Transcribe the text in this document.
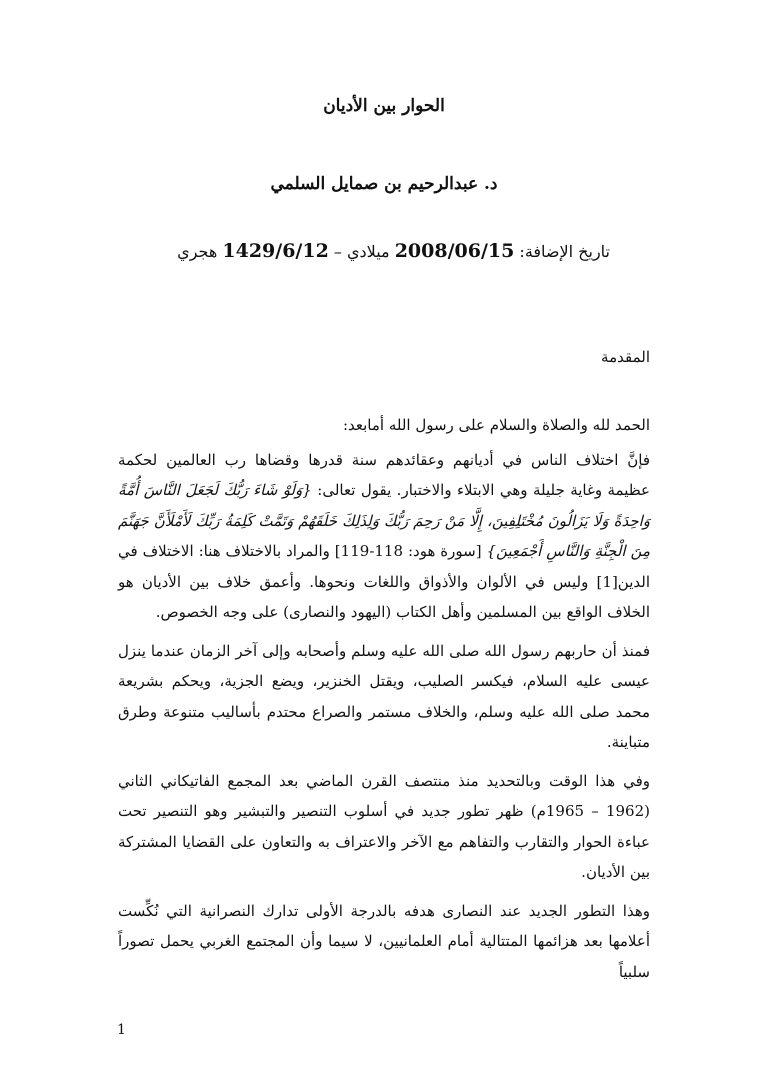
الحوار بين الأديان
د. عبدالرحيم بن صمايل السلمي
تاريخ الإضافة: 2008/06/15 ميلادي – 1429/6/12 هجري
المقدمة

الحمد لله والصلاة والسلام على رسول الله أمابعد:

فإنَّ اختلاف الناس في أديانهم وعقائدهم سنة قدرها وقضاها رب العالمين لحكمة عظيمة وغاية جليلة وهي الابتلاء والاختبار. يقول تعالى: {وَلَوْ شَاءَ رَبُّكَ لَجَعَلَ النَّاسَ أُمَّةً وَاحِدَةً وَلَا يَزَالُونَ مُخْتَلِفِينَ، إِلَّا مَنْ رَحِمَ رَبُّكَ وَلِذَلِكَ خَلَقَهُمْ وَتَمَّتْ كَلِمَةُ رَبِّكَ لَأَمْلَأَنَّ جَهَنَّمَ مِنَ الْجِنَّةِ وَالنَّاسِ أَجْمَعِينَ} [سورة هود: 118-119] والمراد بالاختلاف هنا: الاختلاف في الدين[1] وليس في الألوان والأذواق واللغات ونحوها. وأعمق خلاف بين الأديان هو الخلاف الواقع بين المسلمين وأهل الكتاب (اليهود والنصارى) على وجه الخصوص.

فمنذ أن حاربهم رسول الله صلى الله عليه وسلم وأصحابه وإلى آخر الزمان عندما ينزل عيسى عليه السلام، فيكسر الصليب، ويقتل الخنزير، ويضع الجزية، ويحكم بشريعة محمد صلى الله عليه وسلم، والخلاف مستمر والصراع محتدم بأساليب متنوعة وطرق متباينة.

وفي هذا الوقت وبالتحديد منذ منتصف القرن الماضي بعد المجمع الفاتيكاني الثاني (1962 – 1965م) ظهر تطور جديد في أسلوب التنصير والتبشير وهو التنصير تحت عباءة الحوار والتقارب والتفاهم مع الآخر والاعتراف به والتعاون على القضايا المشتركة بين الأديان.

وهذا التطور الجديد عند النصارى هدفه بالدرجة الأولى تدارك النصرانية التي نُكِّست أعلامها بعد هزائمها المتتالية أمام العلمانيين، لا سيما وأن المجتمع الغربي يحمل تصوراً سلبياً

1
